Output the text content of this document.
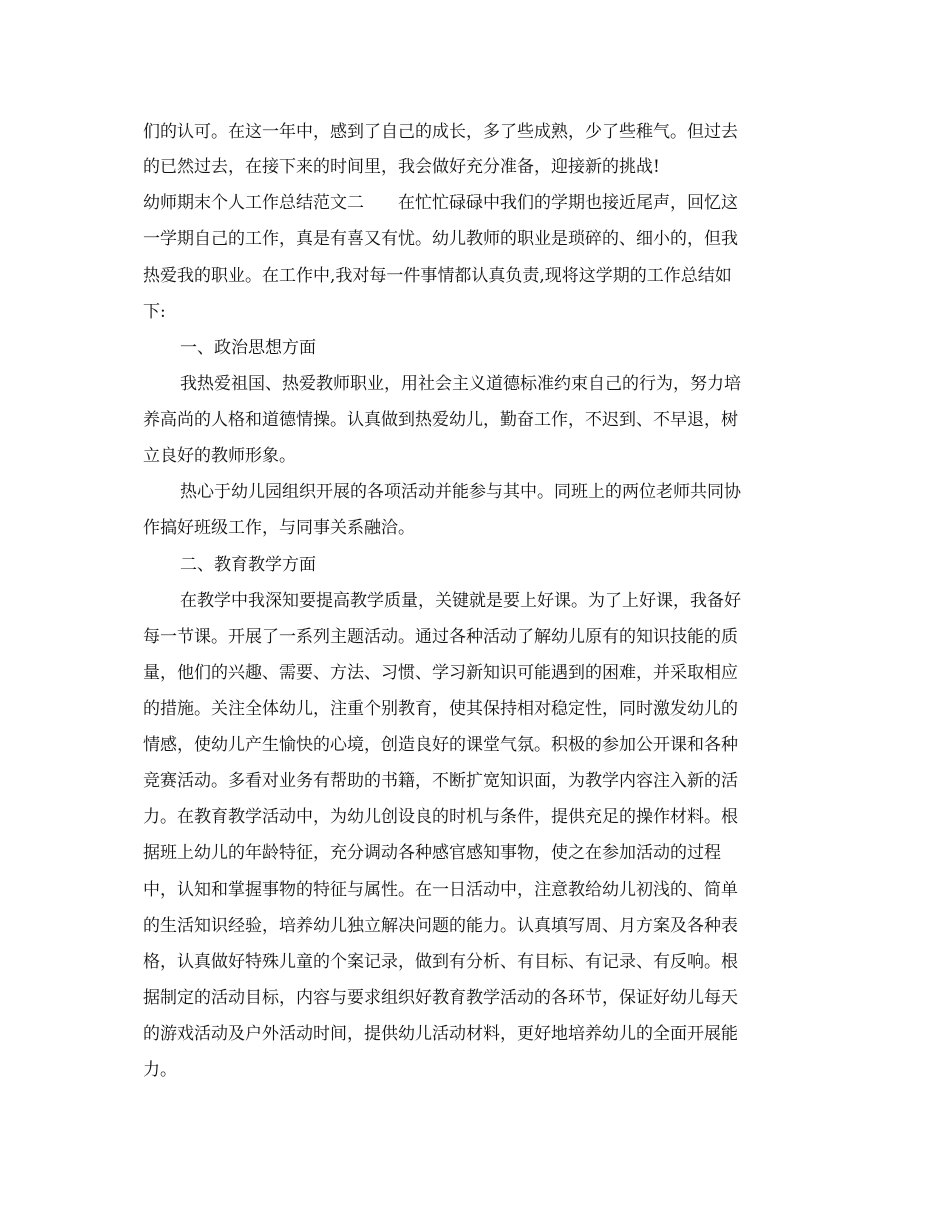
们的认可。在这一年中，感到了自己的成长，多了些成熟，少了些稚气。但过去
的已然过去，在接下来的时间里，我会做好充分准备，迎接新的挑战!
幼师期末个人工作总结范文二　　在忙忙碌碌中我们的学期也接近尾声，回忆这
一学期自己的工作，真是有喜又有忧。幼儿教师的职业是琐碎的、细小的，但我
热爱我的职业。在工作中,我对每一件事情都认真负责,现将这学期的工作总结如
下:
一、政治思想方面
我热爱祖国、热爱教师职业，用社会主义道德标准约束自己的行为，努力培
养高尚的人格和道德情操。认真做到热爱幼儿，勤奋工作，不迟到、不早退，树
立良好的教师形象。
热心于幼儿园组织开展的各项活动并能参与其中。同班上的两位老师共同协
作搞好班级工作，与同事关系融洽。
二、教育教学方面
在教学中我深知要提高教学质量，关键就是要上好课。为了上好课，我备好
每一节课。开展了一系列主题活动。通过各种活动了解幼儿原有的知识技能的质
量，他们的兴趣、需要、方法、习惯、学习新知识可能遇到的困难，并采取相应
的措施。关注全体幼儿，注重个别教育，使其保持相对稳定性，同时激发幼儿的
情感，使幼儿产生愉快的心境，创造良好的课堂气氛。积极的参加公开课和各种
竞赛活动。多看对业务有帮助的书籍，不断扩宽知识面，为教学内容注入新的活
力。在教育教学活动中，为幼儿创设良的时机与条件，提供充足的操作材料。根
据班上幼儿的年龄特征，充分调动各种感官感知事物，使之在参加活动的过程
中，认知和掌握事物的特征与属性。在一日活动中，注意教给幼儿初浅的、简单
的生活知识经验，培养幼儿独立解决问题的能力。认真填写周、月方案及各种表
格，认真做好特殊儿童的个案记录，做到有分析、有目标、有记录、有反响。根
据制定的活动目标，内容与要求组织好教育教学活动的各环节，保证好幼儿每天
的游戏活动及户外活动时间，提供幼儿活动材料，更好地培养幼儿的全面开展能
力。
